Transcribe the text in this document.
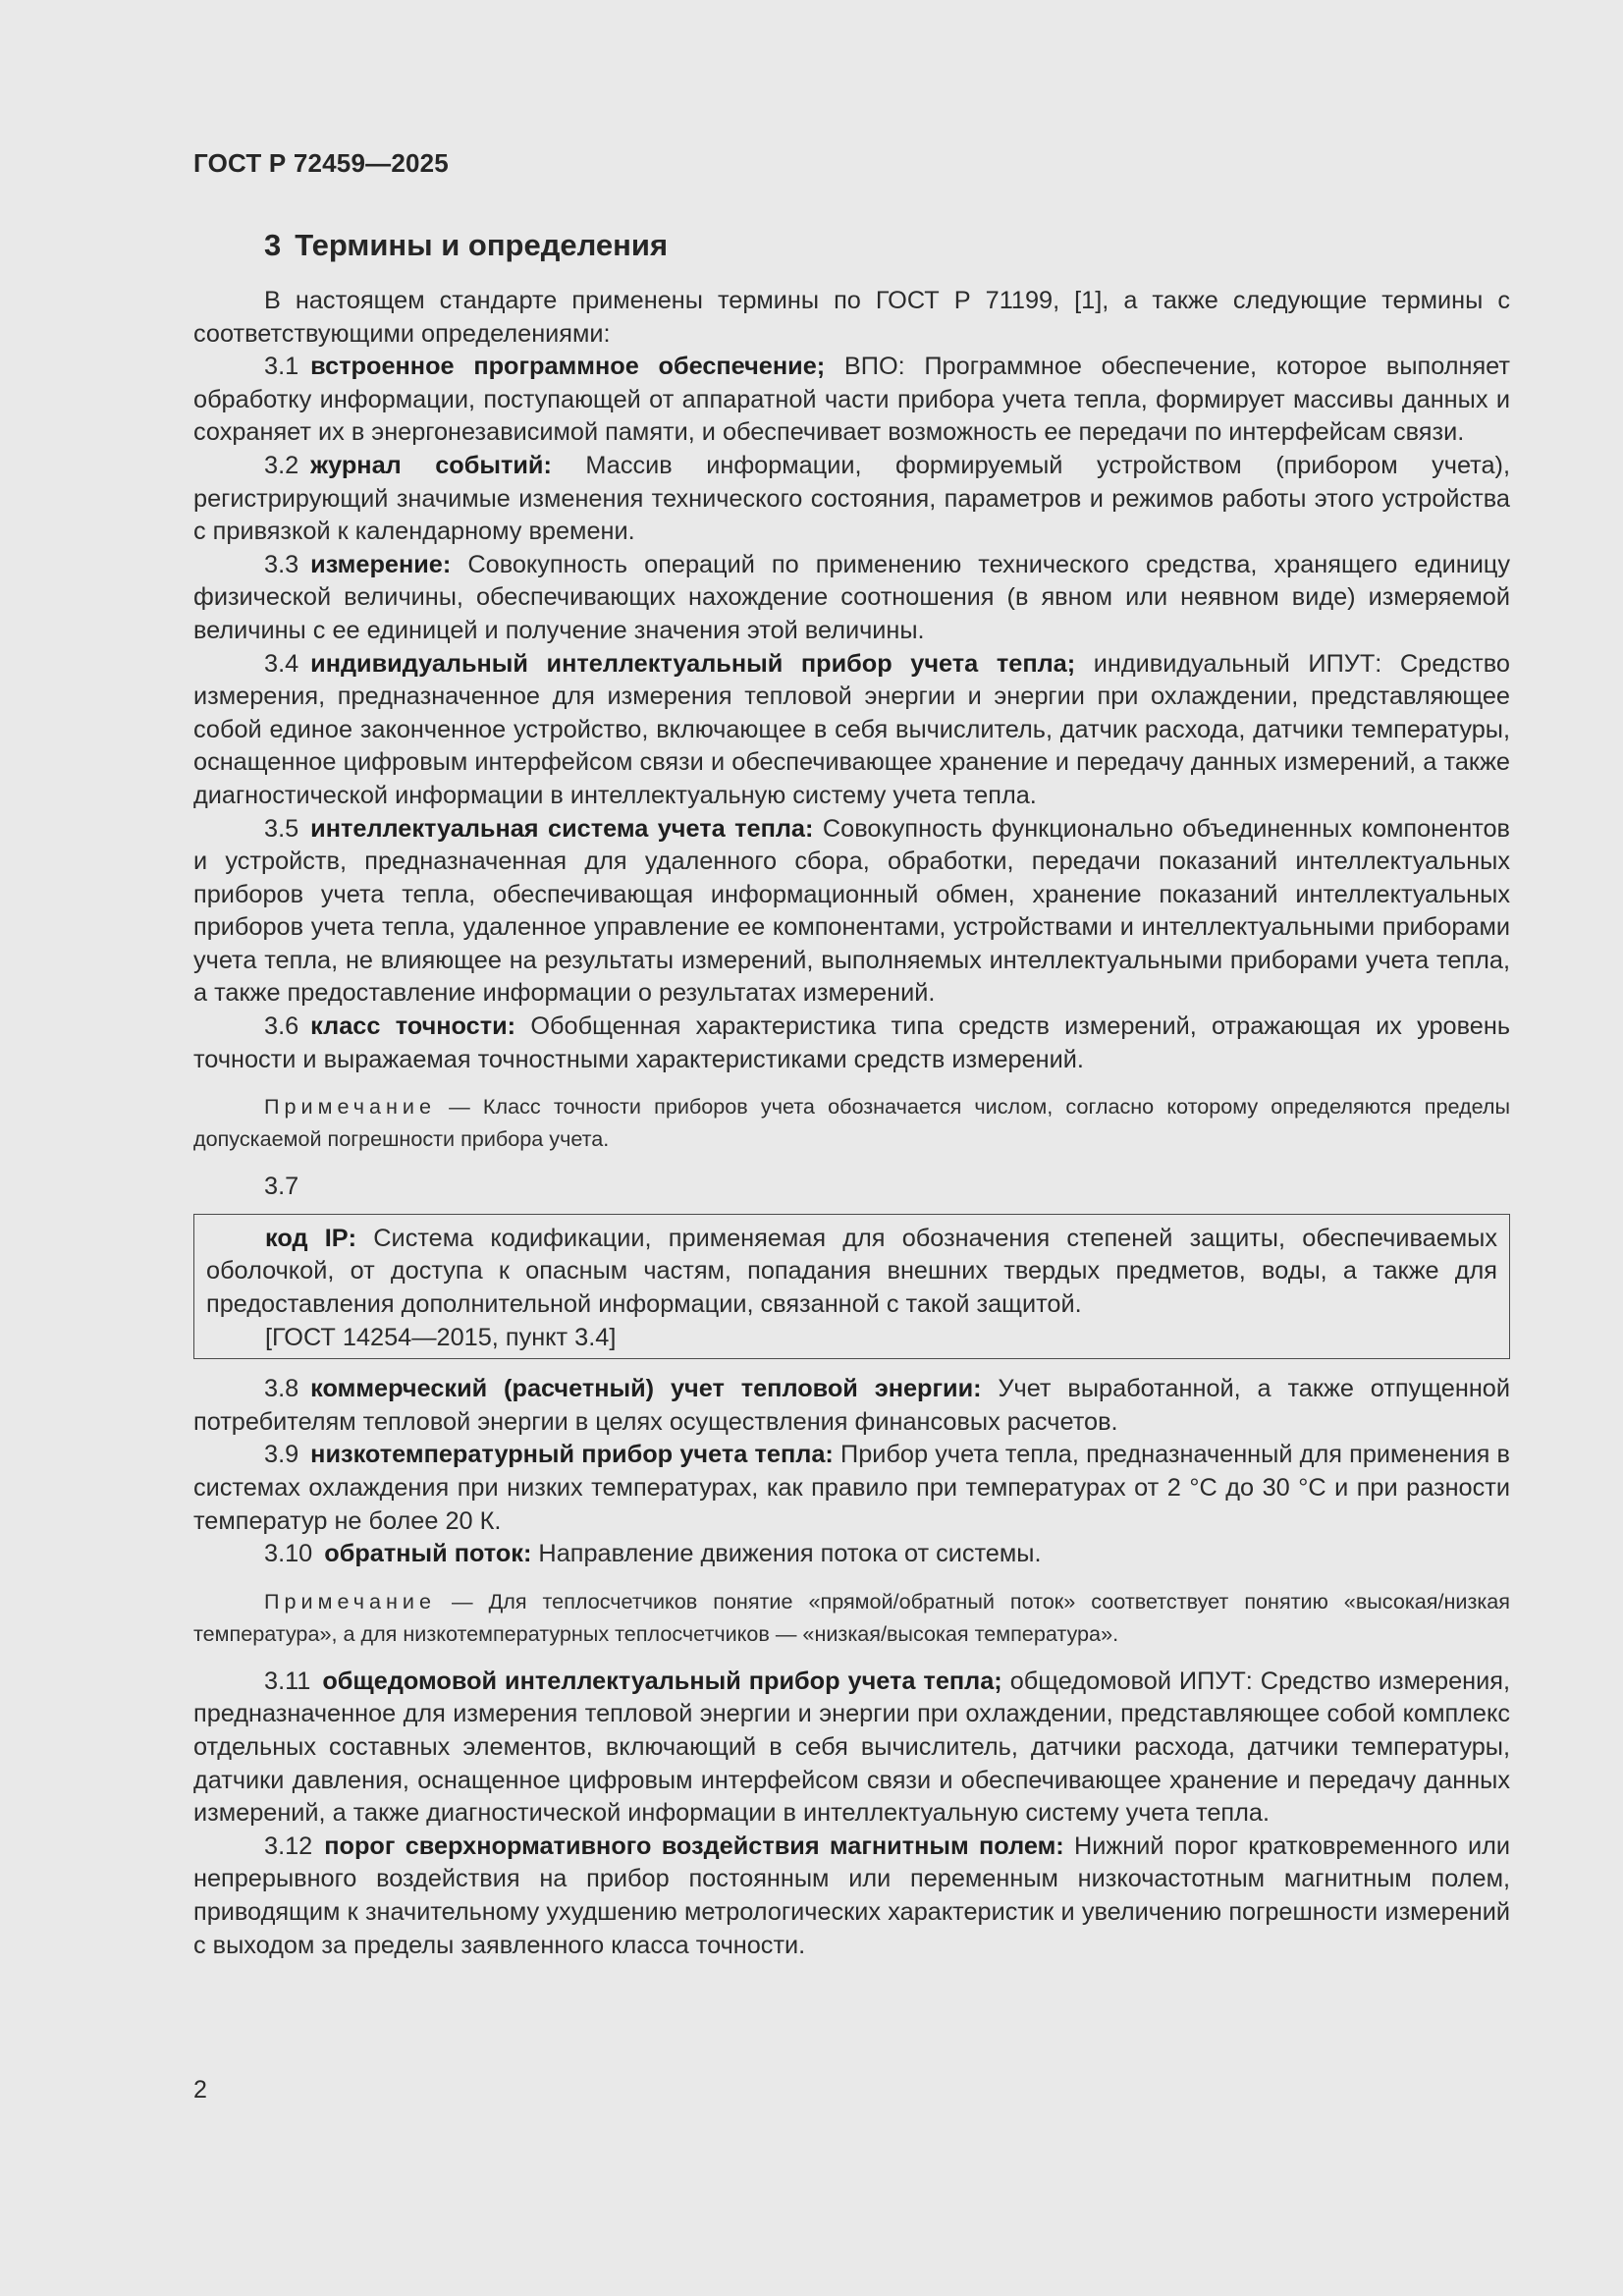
ГОСТ Р 72459—2025
3 Термины и определения

В настоящем стандарте применены термины по ГОСТ Р 71199, [1], а также следующие термины с соответствующими определениями:

3.1 встроенное программное обеспечение; ВПО: Программное обеспечение, которое выполняет обработку информации, поступающей от аппаратной части прибора учета тепла, формирует массивы данных и сохраняет их в энергонезависимой памяти, и обеспечивает возможность ее передачи по интерфейсам связи.

3.2 журнал событий: Массив информации, формируемый устройством (прибором учета), регистрирующий значимые изменения технического состояния, параметров и режимов работы этого устройства с привязкой к календарному времени.

3.3 измерение: Совокупность операций по применению технического средства, хранящего единицу физической величины, обеспечивающих нахождение соотношения (в явном или неявном виде) измеряемой величины с ее единицей и получение значения этой величины.

3.4 индивидуальный интеллектуальный прибор учета тепла; индивидуальный ИПУТ: Средство измерения, предназначенное для измерения тепловой энергии и энергии при охлаждении, представляющее собой единое законченное устройство, включающее в себя вычислитель, датчик расхода, датчики температуры, оснащенное цифровым интерфейсом связи и обеспечивающее хранение и передачу данных измерений, а также диагностической информации в интеллектуальную систему учета тепла.

3.5 интеллектуальная система учета тепла: Совокупность функционально объединенных компонентов и устройств, предназначенная для удаленного сбора, обработки, передачи показаний интеллектуальных приборов учета тепла, обеспечивающая информационный обмен, хранение показаний интеллектуальных приборов учета тепла, удаленное управление ее компонентами, устройствами и интеллектуальными приборами учета тепла, не влияющее на результаты измерений, выполняемых интеллектуальными приборами учета тепла, а также предоставление информации о результатах измерений.

3.6 класс точности: Обобщенная характеристика типа средств измерений, отражающая их уровень точности и выражаемая точностными характеристиками средств измерений.

Примечание — Класс точности приборов учета обозначается числом, согласно которому определяются пределы допускаемой погрешности прибора учета.

3.7

код IP: Система кодификации, применяемая для обозначения степеней защиты, обеспечиваемых оболочкой, от доступа к опасным частям, попадания внешних твердых предметов, воды, а также для предоставления дополнительной информации, связанной с такой защитой.

[ГОСТ 14254—2015, пункт 3.4]

3.8 коммерческий (расчетный) учет тепловой энергии: Учет выработанной, а также отпущенной потребителям тепловой энергии в целях осуществления финансовых расчетов.

3.9 низкотемпературный прибор учета тепла: Прибор учета тепла, предназначенный для применения в системах охлаждения при низких температурах, как правило при температурах от 2 °С до 30 °С и при разности температур не более 20 К.

3.10 обратный поток: Направление движения потока от системы.

Примечание — Для теплосчетчиков понятие «прямой/обратный поток» соответствует понятию «высокая/низкая температура», а для низкотемпературных теплосчетчиков — «низкая/высокая температура».

3.11 общедомовой интеллектуальный прибор учета тепла; общедомовой ИПУТ: Средство измерения, предназначенное для измерения тепловой энергии и энергии при охлаждении, представляющее собой комплекс отдельных составных элементов, включающий в себя вычислитель, датчики расхода, датчики температуры, датчики давления, оснащенное цифровым интерфейсом связи и обеспечивающее хранение и передачу данных измерений, а также диагностической информации в интеллектуальную систему учета тепла.

3.12 порог сверхнормативного воздействия магнитным полем: Нижний порог кратковременного или непрерывного воздействия на прибор постоянным или переменным низкочастотным магнитным полем, приводящим к значительному ухудшению метрологических характеристик и увеличению погрешности измерений с выходом за пределы заявленного класса точности.

2
